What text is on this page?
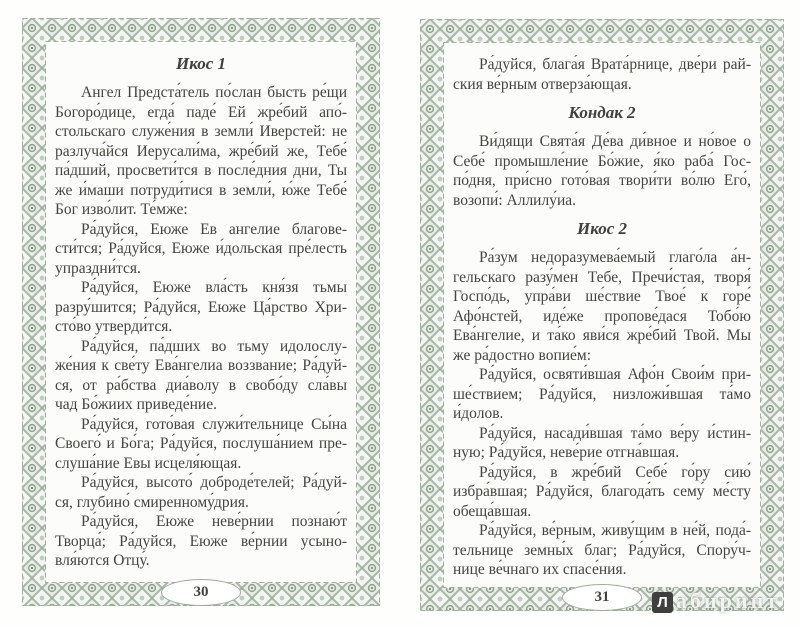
Икос 1
Ангел Предста́тель по́слан бысть ре́щи
Богоро́дице, егда́ паде́ Ей жре́бий апо́-
стольскаго служе́ния в земли́ Иверстей: не
разлуча́йся Иерусали́ма, жре́бий же, Тебе́
па́дший, просвети́тся в после́дния дни, Ты
же и́маши потруди́тися в земли́, ю́же Тебе́
Бог изво́лит. Те́мже:
Ра́дуйся, Еюже Ев ангелие благове-
сти́тся; Ра́дуйся, Еюже и́дольская пре́лесть
упраздни́тся.
Ра́дуйся, Еюже вла́сть кня́зя тьмы
разру́шится; Ра́дуйся, Еюже Ца́рство Хри-
сто́во утверди́тся.
Ра́дуйся, па́дших во тьму идолослу-
же́ния к све́ту Ева́нгелиа воззвание; Ра́дуй-
ся, от ра́бства диа́волу в свобо́ду сла́вы
чад Бо́жиих приведе́ние.
Ра́дуйся, гото́вая служи́тельнице Сы́на
Своего́ и Бо́га; Ра́дуйся, послуша́нием пре-
слуша́ние Евы исцеля́ющая.
Ра́дуйся, высото́ доброде́телей; Ра́дуй-
ся, глубино́ смиренному́дрия.
Ра́дуйся, Еюже неве́рнии познаю́т
Творца́; Ра́дуйся, Еюже ве́рнии усыно-
вля́ются Отцу́.
30
Ра́дуйся, блага́я Врата́рнице, две́ри рай-
ския ве́рным отверза́ющая.
Кондак 2
Ви́дящи Свята́я Де́ва ди́вное и но́вое о
Себе́ промышле́ние Бо́жие, я́ко раба́ Гос-
по́дня, при́сно гото́вая твори́ти во́лю Его́,
возопи́: Аллилу́иа.
Икос 2
Ра́зум недоразумева́емый глаго́ла а́н-
гельскаго разу́мен Тебе, Пречи́стая, творя́
Госпо́дь, упра́ви ше́ствие Твое́ к горе́
Афо́нстей, иде́же пропове́дася Тобо́ю
Ева́нгелие, и та́ко яви́ся жре́бий Твой. Мы
же ра́достно вопие́м:
Ра́дуйся, освяти́вшая Афо́н Свои́м при-
ше́ствием; Ра́дуйся, низложи́вшая та́мо
и́долов.
Ра́дуйся, насади́вшая та́мо ве́ру и́стин-
ную; Ра́дуйся, неве́рие отгна́вшая.
Ра́дуйся, в жре́бий Себе́ го́ру сию́
избра́вшая; Ра́дуйся, благода́ть сему́ ме́сту
обеща́вшая.
Ра́дуйся, ве́рным, живу́щим в не́й, пода́-
тельнице земны́х благ; Ра́дуйся, Спору́ч-
нице ве́чнаго их спасе́ния.
31	Л абиринт
